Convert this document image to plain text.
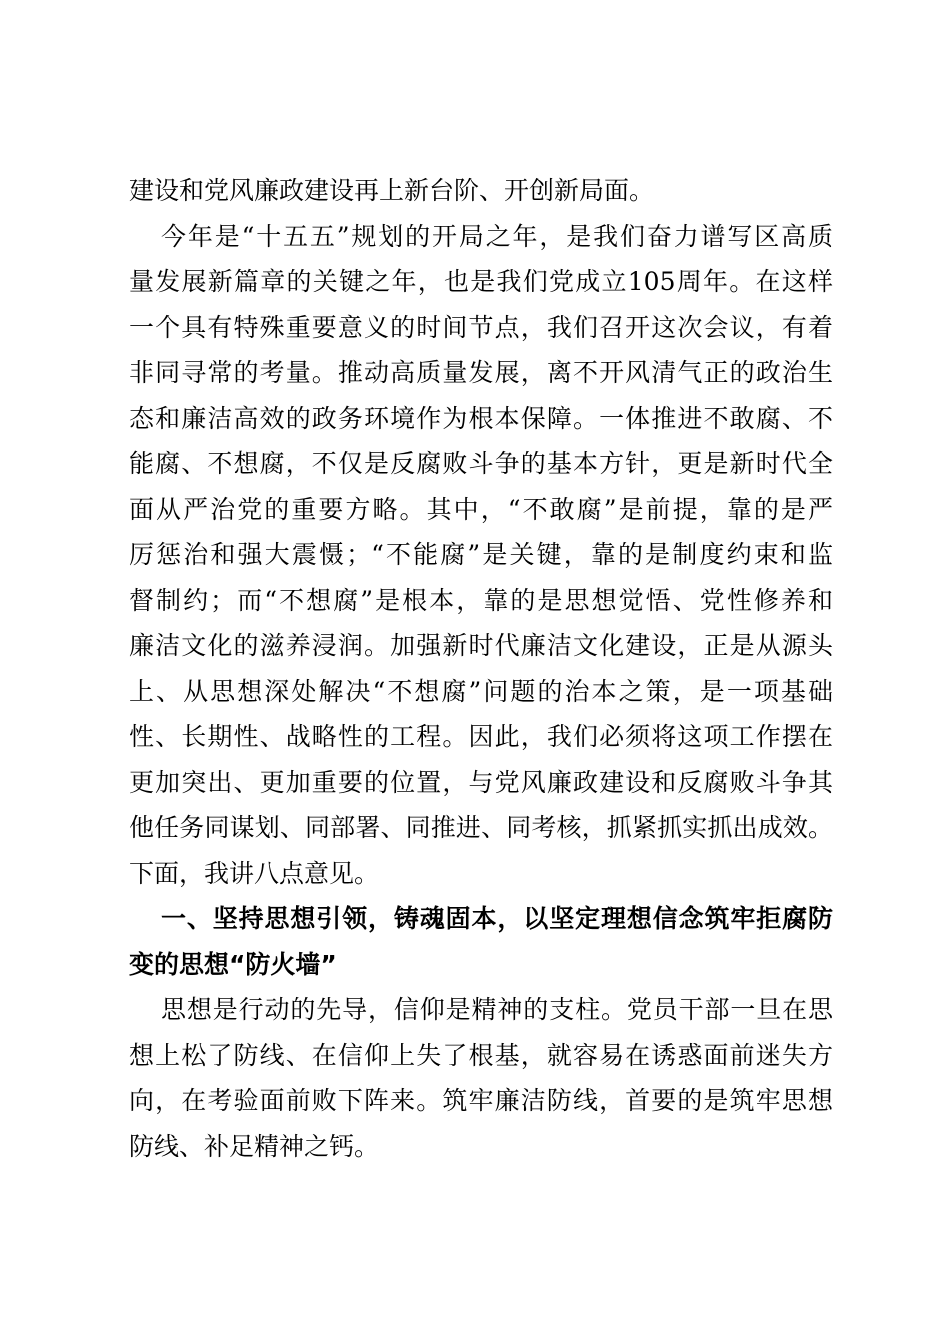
建设和党风廉政建设再上新台阶、开创新局面。
今年是“十五五”规划的开局之年，是我们奋力谱写区高质
量发展新篇章的关键之年，也是我们党成立105周年。在这样
一个具有特殊重要意义的时间节点，我们召开这次会议，有着
非同寻常的考量。推动高质量发展，离不开风清气正的政治生
态和廉洁高效的政务环境作为根本保障。一体推进不敢腐、不
能腐、不想腐，不仅是反腐败斗争的基本方针，更是新时代全
面从严治党的重要方略。其中，“不敢腐”是前提，靠的是严
厉惩治和强大震慑；“不能腐”是关键，靠的是制度约束和监
督制约；而“不想腐”是根本，靠的是思想觉悟、党性修养和
廉洁文化的滋养浸润。加强新时代廉洁文化建设，正是从源头
上、从思想深处解决“不想腐”问题的治本之策，是一项基础
性、长期性、战略性的工程。因此，我们必须将这项工作摆在
更加突出、更加重要的位置，与党风廉政建设和反腐败斗争其
他任务同谋划、同部署、同推进、同考核，抓紧抓实抓出成效。
下面，我讲八点意见。
一、坚持思想引领，铸魂固本，以坚定理想信念筑牢拒腐防
变的思想“防火墙”
思想是行动的先导，信仰是精神的支柱。党员干部一旦在思
想上松了防线、在信仰上失了根基，就容易在诱惑面前迷失方
向，在考验面前败下阵来。筑牢廉洁防线，首要的是筑牢思想
防线、补足精神之钙。
